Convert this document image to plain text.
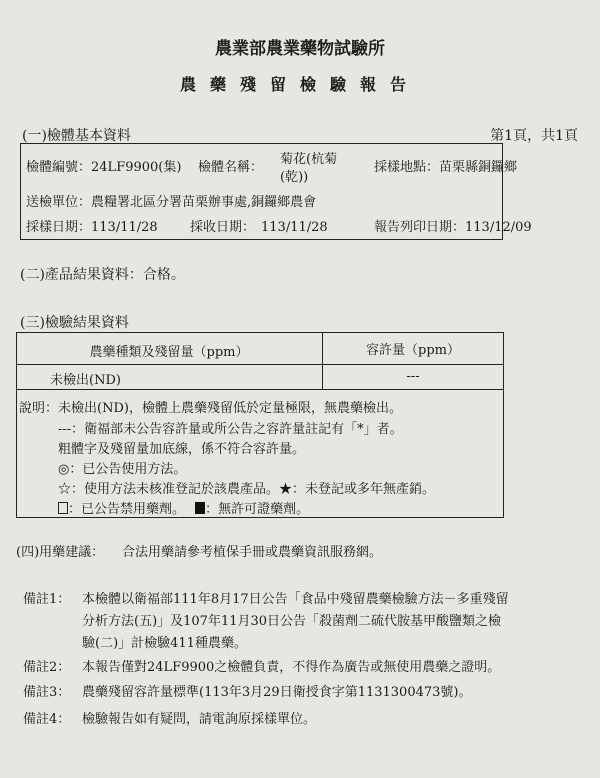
農業部農業藥物試驗所
農藥殘留檢驗報告
(一)檢體基本資料	第1頁，共1頁
檢體編號：24LF9900(集) 檢體名稱：
菊花(杭菊
(乾))
採樣地點：苗栗縣銅鑼鄉
送檢單位：農糧署北區分署苗栗辦事處,銅鑼鄉農會
採樣日期：113/11/28 採收日期： 113/11/28	報告列印日期：113/12/09
(二)產品結果資料：合格。
(三)檢驗結果資料
農藥種類及殘留量（ppm）	容許量（ppm）
未檢出(ND)	---
說明： 未檢出(ND)，檢體上農藥殘留低於定量極限，無農藥檢出。
---：衛福部未公告容許量或所公告之容許量註記有「*」者。
粗體字及殘留量加底線，係不符合容許量。
◎：已公告使用方法。
☆：使用方法未核准登記於該農產品。★：未登記或多年無產銷。
：已公告禁用藥劑。 ：無許可證藥劑。
(四)用藥建議： 合法用藥請參考植保手冊或農藥資訊服務網。
備註1： 本檢體以衛福部111年8月17日公告「食品中殘留農藥檢驗方法－多重殘留
分析方法(五)」及107年11月30日公告「殺菌劑二硫代胺基甲酸鹽類之檢
驗(二)」計檢驗411種農藥。
備註2： 本報告僅對24LF9900之檢體負責，不得作為廣告或無使用農藥之證明。
備註3： 農藥殘留容許量標準(113年3月29日衛授食字第1131300473號)。
備註4： 檢驗報告如有疑問，請電詢原採樣單位。
